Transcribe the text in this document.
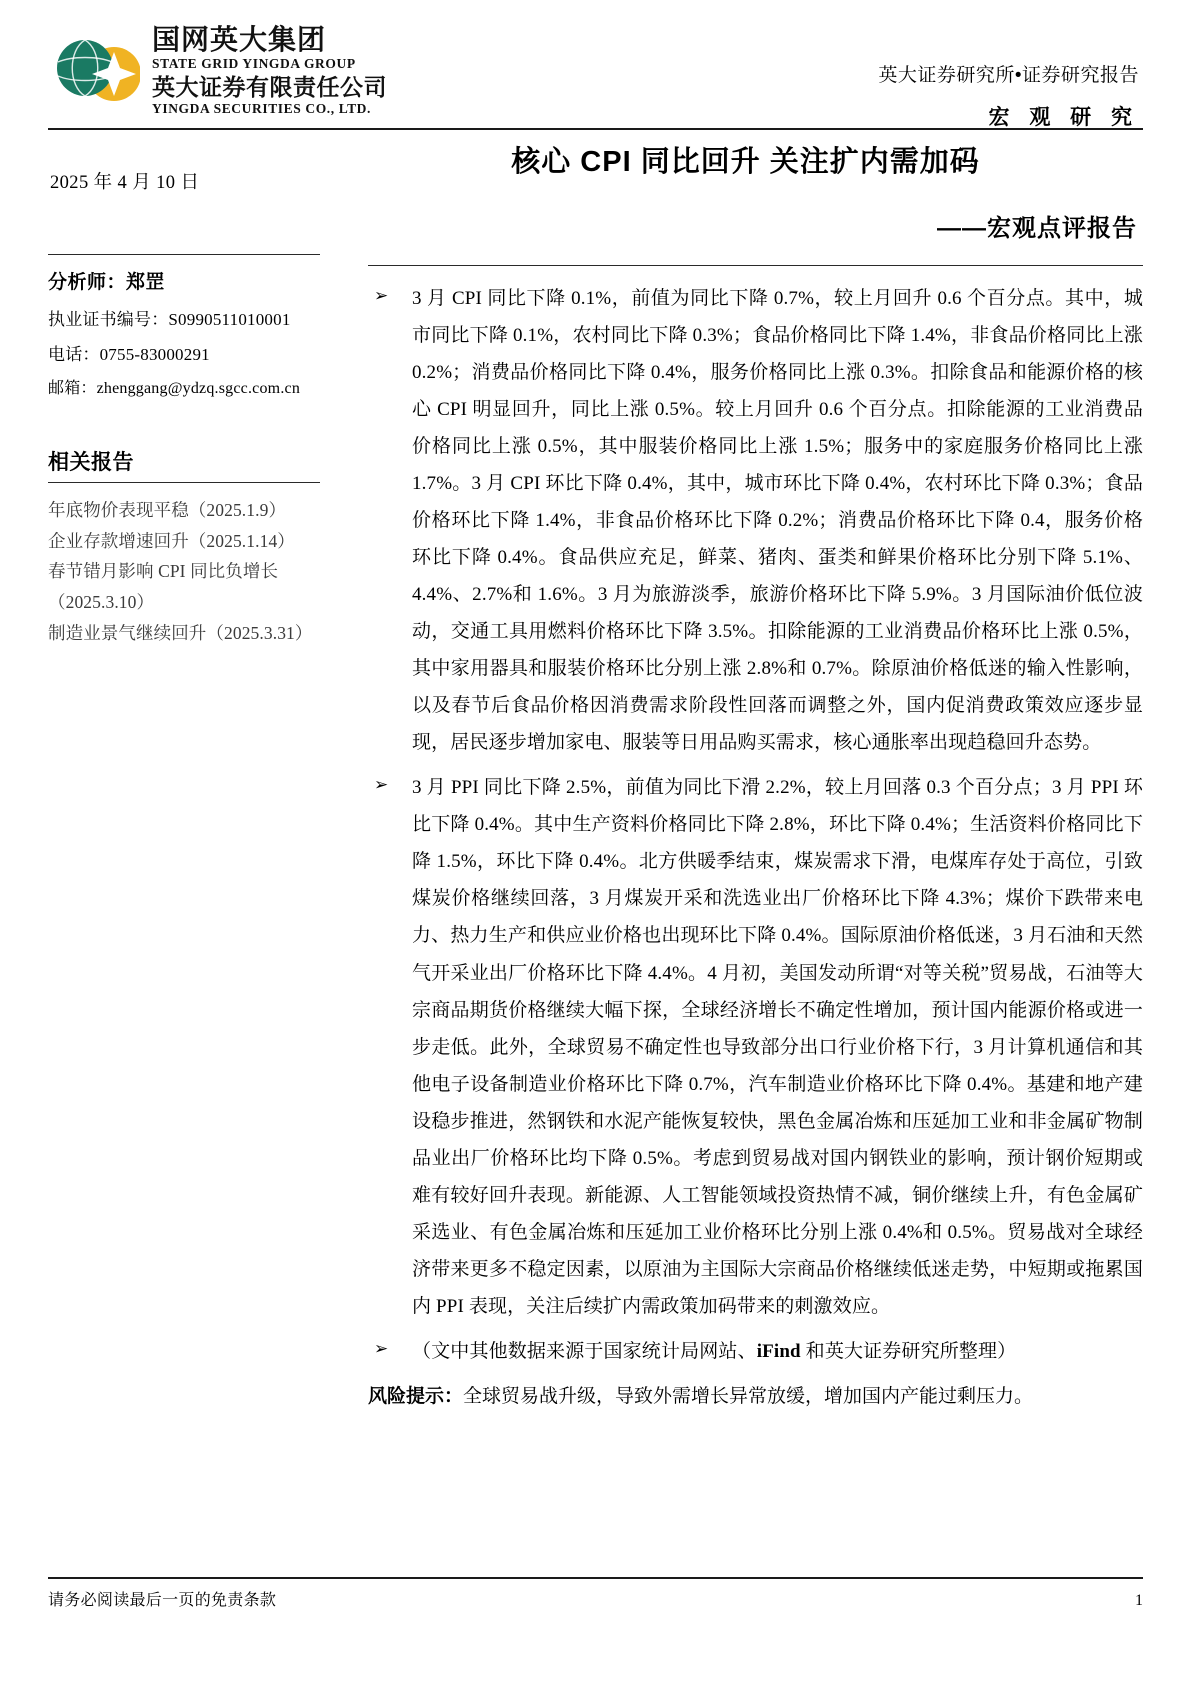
国网英大集团
STATE GRID YINGDA GROUP
英大证券有限责任公司
YINGDA SECURITIES CO., LTD.
英大证券研究所•证券研究报告
宏 观 研 究
2025 年 4 月 10 日
分析师：郑罡
执业证书编号：S0990511010001
电话：0755-83000291
邮箱：zhenggang@ydzq.sgcc.com.cn
相关报告
年底物价表现平稳（2025.1.9）
企业存款增速回升（2025.1.14）
春节错月影响 CPI 同比负增长
（2025.3.10）
制造业景气继续回升（2025.3.31）
核心 CPI 同比回升 关注扩内需加码
——宏观点评报告
➢	3 月 CPI 同比下降 0.1%，前值为同比下降 0.7%，较上月回升 0.6 个百分点。其中，城市同比下降 0.1%，农村同比下降 0.3%；食品价格同比下降 1.4%，非食品价格同比上涨 0.2%；消费品价格同比下降 0.4%，服务价格同比上涨 0.3%。扣除食品和能源价格的核心 CPI 明显回升，同比上涨 0.5%。较上月回升 0.6 个百分点。扣除能源的工业消费品价格同比上涨 0.5%，其中服装价格同比上涨 1.5%；服务中的家庭服务价格同比上涨 1.7%。3 月 CPI 环比下降 0.4%，其中，城市环比下降 0.4%，农村环比下降 0.3%；食品价格环比下降 1.4%，非食品价格环比下降 0.2%；消费品价格环比下降 0.4，服务价格环比下降 0.4%。食品供应充足，鲜菜、猪肉、蛋类和鲜果价格环比分别下降 5.1%、4.4%、2.7%和 1.6%。3 月为旅游淡季，旅游价格环比下降 5.9%。3 月国际油价低位波动，交通工具用燃料价格环比下降 3.5%。扣除能源的工业消费品价格环比上涨 0.5%，其中家用器具和服装价格环比分别上涨 2.8%和 0.7%。除原油价格低迷的输入性影响，以及春节后食品价格因消费需求阶段性回落而调整之外，国内促消费政策效应逐步显现，居民逐步增加家电、服装等日用品购买需求，核心通胀率出现趋稳回升态势。
➢	3 月 PPI 同比下降 2.5%，前值为同比下滑 2.2%，较上月回落 0.3 个百分点；3 月 PPI 环比下降 0.4%。其中生产资料价格同比下降 2.8%，环比下降 0.4%；生活资料价格同比下降 1.5%，环比下降 0.4%。北方供暖季结束，煤炭需求下滑，电煤库存处于高位，引致煤炭价格继续回落，3 月煤炭开采和洗选业出厂价格环比下降 4.3%；煤价下跌带来电力、热力生产和供应业价格也出现环比下降 0.4%。国际原油价格低迷，3 月石油和天然气开采业出厂价格环比下降 4.4%。4 月初，美国发动所谓“对等关税”贸易战，石油等大宗商品期货价格继续大幅下探，全球经济增长不确定性增加，预计国内能源价格或进一步走低。此外，全球贸易不确定性也导致部分出口行业价格下行，3 月计算机通信和其他电子设备制造业价格环比下降 0.7%，汽车制造业价格环比下降 0.4%。基建和地产建设稳步推进，然钢铁和水泥产能恢复较快，黑色金属冶炼和压延加工业和非金属矿物制品业出厂价格环比均下降 0.5%。考虑到贸易战对国内钢铁业的影响，预计钢价短期或难有较好回升表现。新能源、人工智能领域投资热情不减，铜价继续上升，有色金属矿采选业、有色金属冶炼和压延加工业价格环比分别上涨 0.4%和 0.5%。贸易战对全球经济带来更多不稳定因素，以原油为主国际大宗商品价格继续低迷走势，中短期或拖累国内 PPI 表现，关注后续扩内需政策加码带来的刺激效应。
➢	（文中其他数据来源于国家统计局网站、iFind 和英大证券研究所整理）
风险提示：全球贸易战升级，导致外需增长异常放缓，增加国内产能过剩压力。
请务必阅读最后一页的免责条款	1
